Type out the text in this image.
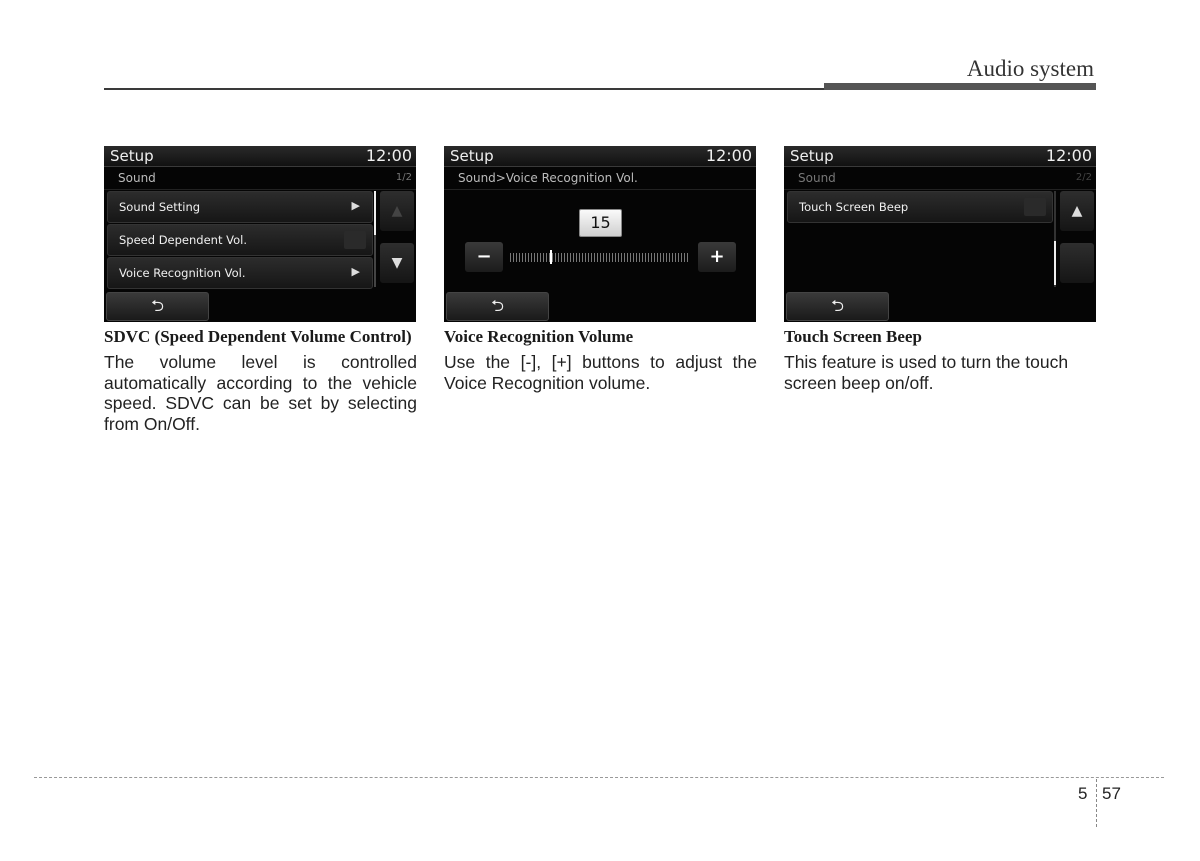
Audio system
Setup	12:00
Sound	1/2
Sound Setting	▶
Speed Dependent Vol.
Voice Recognition Vol.	▶
▲
▼
⮌
Setup	12:00
Sound>Voice Recognition Vol.
15
−	+
⮌
Setup	12:00
Sound	2/2
Touch Screen Beep	▲
⮌

SDVC (Speed Dependent Volume Control)

The volume level is controlled automatically according to the vehicle speed. SDVC can be set by selecting from On/Off.

Voice Recognition Volume

Use the [-], [+] buttons to adjust the Voice Recognition volume.

Touch Screen Beep

This feature is used to turn the touch screen beep on/off.

5 57
